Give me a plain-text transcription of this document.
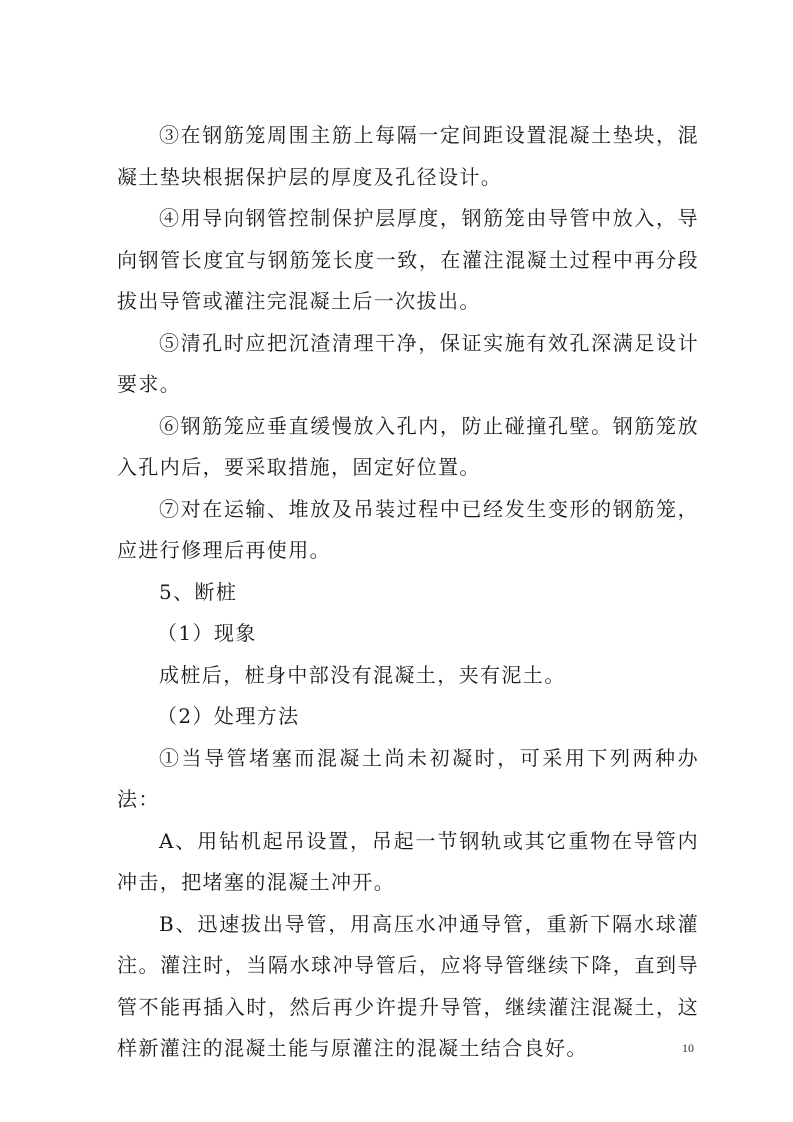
③在钢筋笼周围主筋上每隔一定间距设置混凝土垫块，混凝土垫块根据保护层的厚度及孔径设计。

④用导向钢管控制保护层厚度，钢筋笼由导管中放入，导向钢管长度宜与钢筋笼长度一致，在灌注混凝土过程中再分段拔出导管或灌注完混凝土后一次拔出。

⑤清孔时应把沉渣清理干净，保证实施有效孔深满足设计要求。

⑥钢筋笼应垂直缓慢放入孔内，防止碰撞孔壁。钢筋笼放入孔内后，要采取措施，固定好位置。

⑦对在运输、堆放及吊装过程中已经发生变形的钢筋笼，应进行修理后再使用。

5、断桩

（1）现象

成桩后，桩身中部没有混凝土，夹有泥土。

（2）处理方法

①当导管堵塞而混凝土尚未初凝时，可采用下列两种办法：

A、用钻机起吊设置，吊起一节钢轨或其它重物在导管内冲击，把堵塞的混凝土冲开。

B、迅速拔出导管，用高压水冲通导管，重新下隔水球灌注。灌注时，当隔水球冲导管后，应将导管继续下降，直到导管不能再插入时，然后再少许提升导管，继续灌注混凝土，这样新灌注的混凝土能与原灌注的混凝土结合良好。	10
